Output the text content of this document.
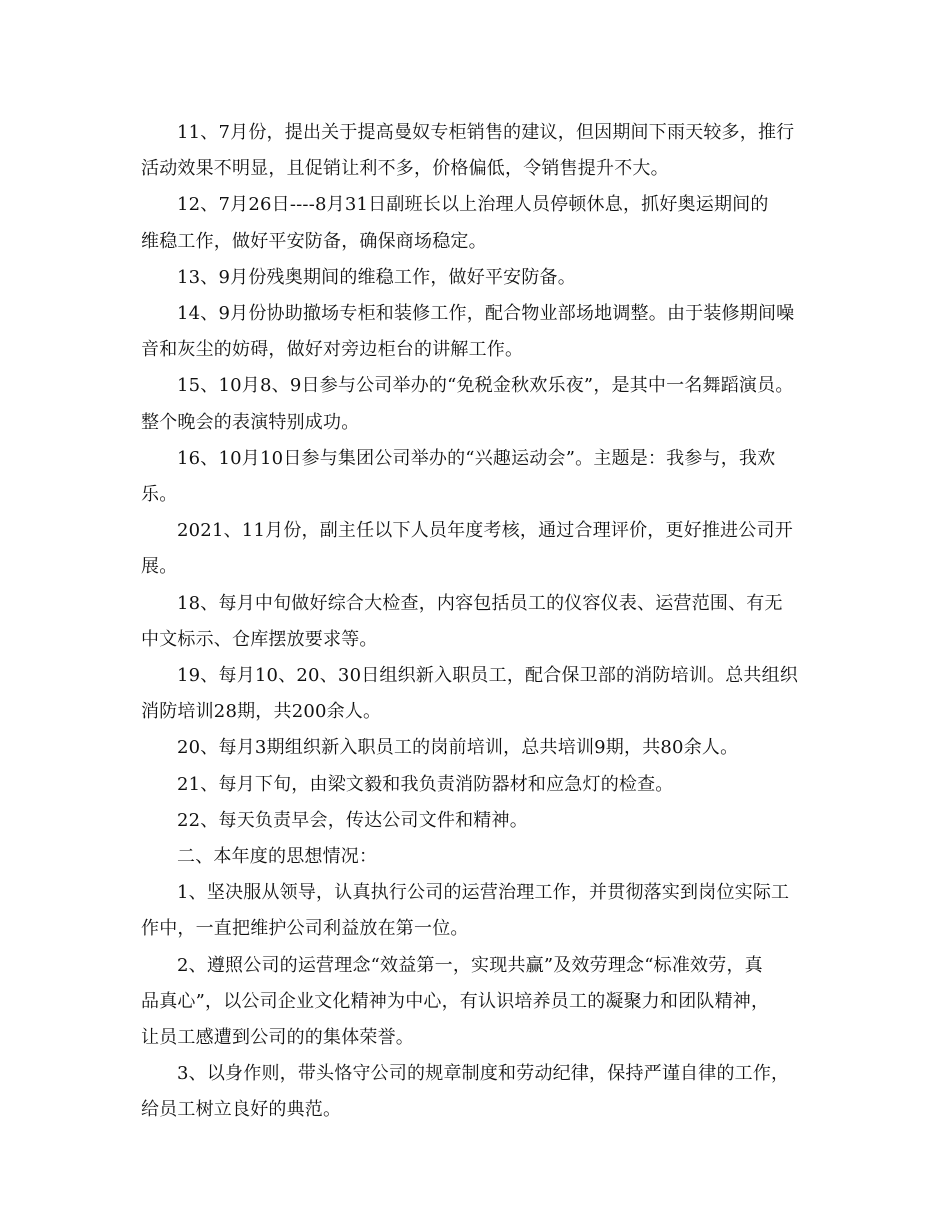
11、7月份，提出关于提高曼奴专柜销售的建议，但因期间下雨天较多，推行
活动效果不明显，且促销让利不多，价格偏低，令销售提升不大。
12、7月26日----8月31日副班长以上治理人员停顿休息，抓好奥运期间的
维稳工作，做好平安防备，确保商场稳定。
13、9月份残奥期间的维稳工作，做好平安防备。
14、9月份协助撤场专柜和装修工作，配合物业部场地调整。由于装修期间噪
音和灰尘的妨碍，做好对旁边柜台的讲解工作。
15、10月8、9日参与公司举办的“免税金秋欢乐夜”，是其中一名舞蹈演员。
整个晚会的表演特别成功。
16、10月10日参与集团公司举办的“兴趣运动会”。主题是：我参与，我欢
乐。
2021、11月份，副主任以下人员年度考核，通过合理评价，更好推进公司开
展。
18、每月中旬做好综合大检查，内容包括员工的仪容仪表、运营范围、有无
中文标示、仓库摆放要求等。
19、每月10、20、30日组织新入职员工，配合保卫部的消防培训。总共组织
消防培训28期，共200余人。
20、每月3期组织新入职员工的岗前培训，总共培训9期，共80余人。
21、每月下旬，由梁文毅和我负责消防器材和应急灯的检查。
22、每天负责早会，传达公司文件和精神。
二、本年度的思想情况：
1、坚决服从领导，认真执行公司的运营治理工作，并贯彻落实到岗位实际工
作中，一直把维护公司利益放在第一位。
2、遵照公司的运营理念“效益第一，实现共赢”及效劳理念“标准效劳，真
品真心”，以公司企业文化精神为中心，有认识培养员工的凝聚力和团队精神，
让员工感遭到公司的的集体荣誉。
3、以身作则，带头恪守公司的规章制度和劳动纪律，保持严谨自律的工作，
给员工树立良好的典范。
